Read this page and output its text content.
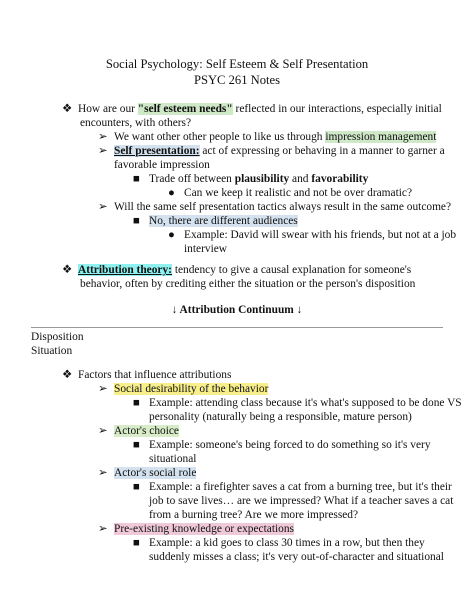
Social Psychology: Self Esteem & Self Presentation
PSYC 261 Notes
❖ How are our "self esteem needs" reflected in our interactions, especially initial
encounters, with others?
➢ We want other other people to like us through impression management
➢ Self presentation: act of expressing or behaving in a manner to garner a
favorable impression
■ Trade off between plausibility and favorability
● Can we keep it realistic and not be over dramatic?
➢ Will the same self presentation tactics always result in the same outcome?
■ No, there are different audiences
● Example: David will swear with his friends, but not at a job
interview
❖ Attribution theory: tendency to give a causal explanation for someone's
behavior, often by crediting either the situation or the person's disposition
↓ Attribution Continuum ↓
Disposition
Situation
❖ Factors that influence attributions
➢ Social desirability of the behavior
■ Example: attending class because it's what's supposed to be done VS
personality (naturally being a responsible, mature person)
➢ Actor's choice
■ Example: someone's being forced to do something so it's very
situational
➢ Actor's social role
■ Example: a firefighter saves a cat from a burning tree, but it's their
job to save lives… are we impressed? What if a teacher saves a cat
from a burning tree? Are we more impressed?
➢ Pre-existing knowledge or expectations
■ Example: a kid goes to class 30 times in a row, but then they
suddenly misses a class; it's very out-of-character and situational
